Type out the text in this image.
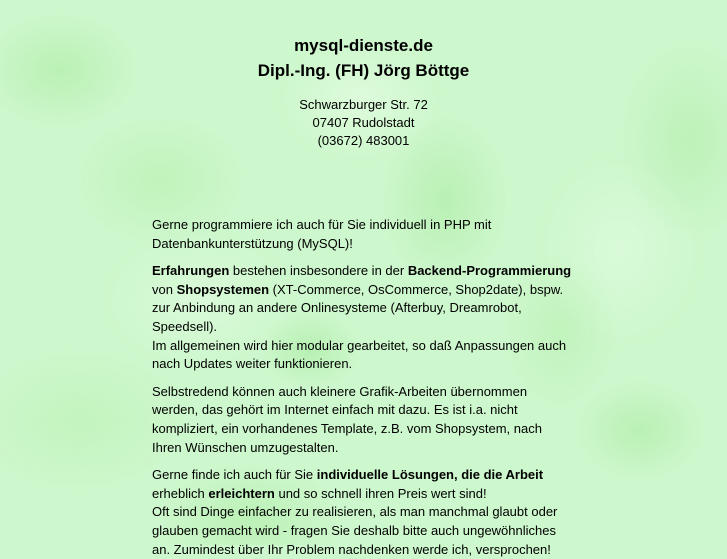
mysql-dienste.de
Dipl.-Ing. (FH) Jörg Böttge
Schwarzburger Str. 72
07407 Rudolstadt
(03672) 483001

Gerne programmiere ich auch für Sie individuell in PHP mit Datenbankunterstützung (MySQL)!

Erfahrungen bestehen insbesondere in der Backend-Programmierung von Shopsystemen (XT-Commerce, OsCommerce, Shop2date), bspw. zur Anbindung an andere Onlinesysteme (Afterbuy, Dreamrobot, Speedsell).
Im allgemeinen wird hier modular gearbeitet, so daß Anpassungen auch nach Updates weiter funktionieren.

Selbstredend können auch kleinere Grafik-Arbeiten übernommen werden, das gehört im Internet einfach mit dazu. Es ist i.a. nicht kompliziert, ein vorhandenes Template, z.B. vom Shopsystem, nach Ihren Wünschen umzugestalten.

Gerne finde ich auch für Sie individuelle Lösungen, die die Arbeit erheblich erleichtern und so schnell ihren Preis wert sind!
Oft sind Dinge einfacher zu realisieren, als man manchmal glaubt oder glauben gemacht wird - fragen Sie deshalb bitte auch ungewöhnliches an. Zumindest über Ihr Problem nachdenken werde ich, versprochen!
